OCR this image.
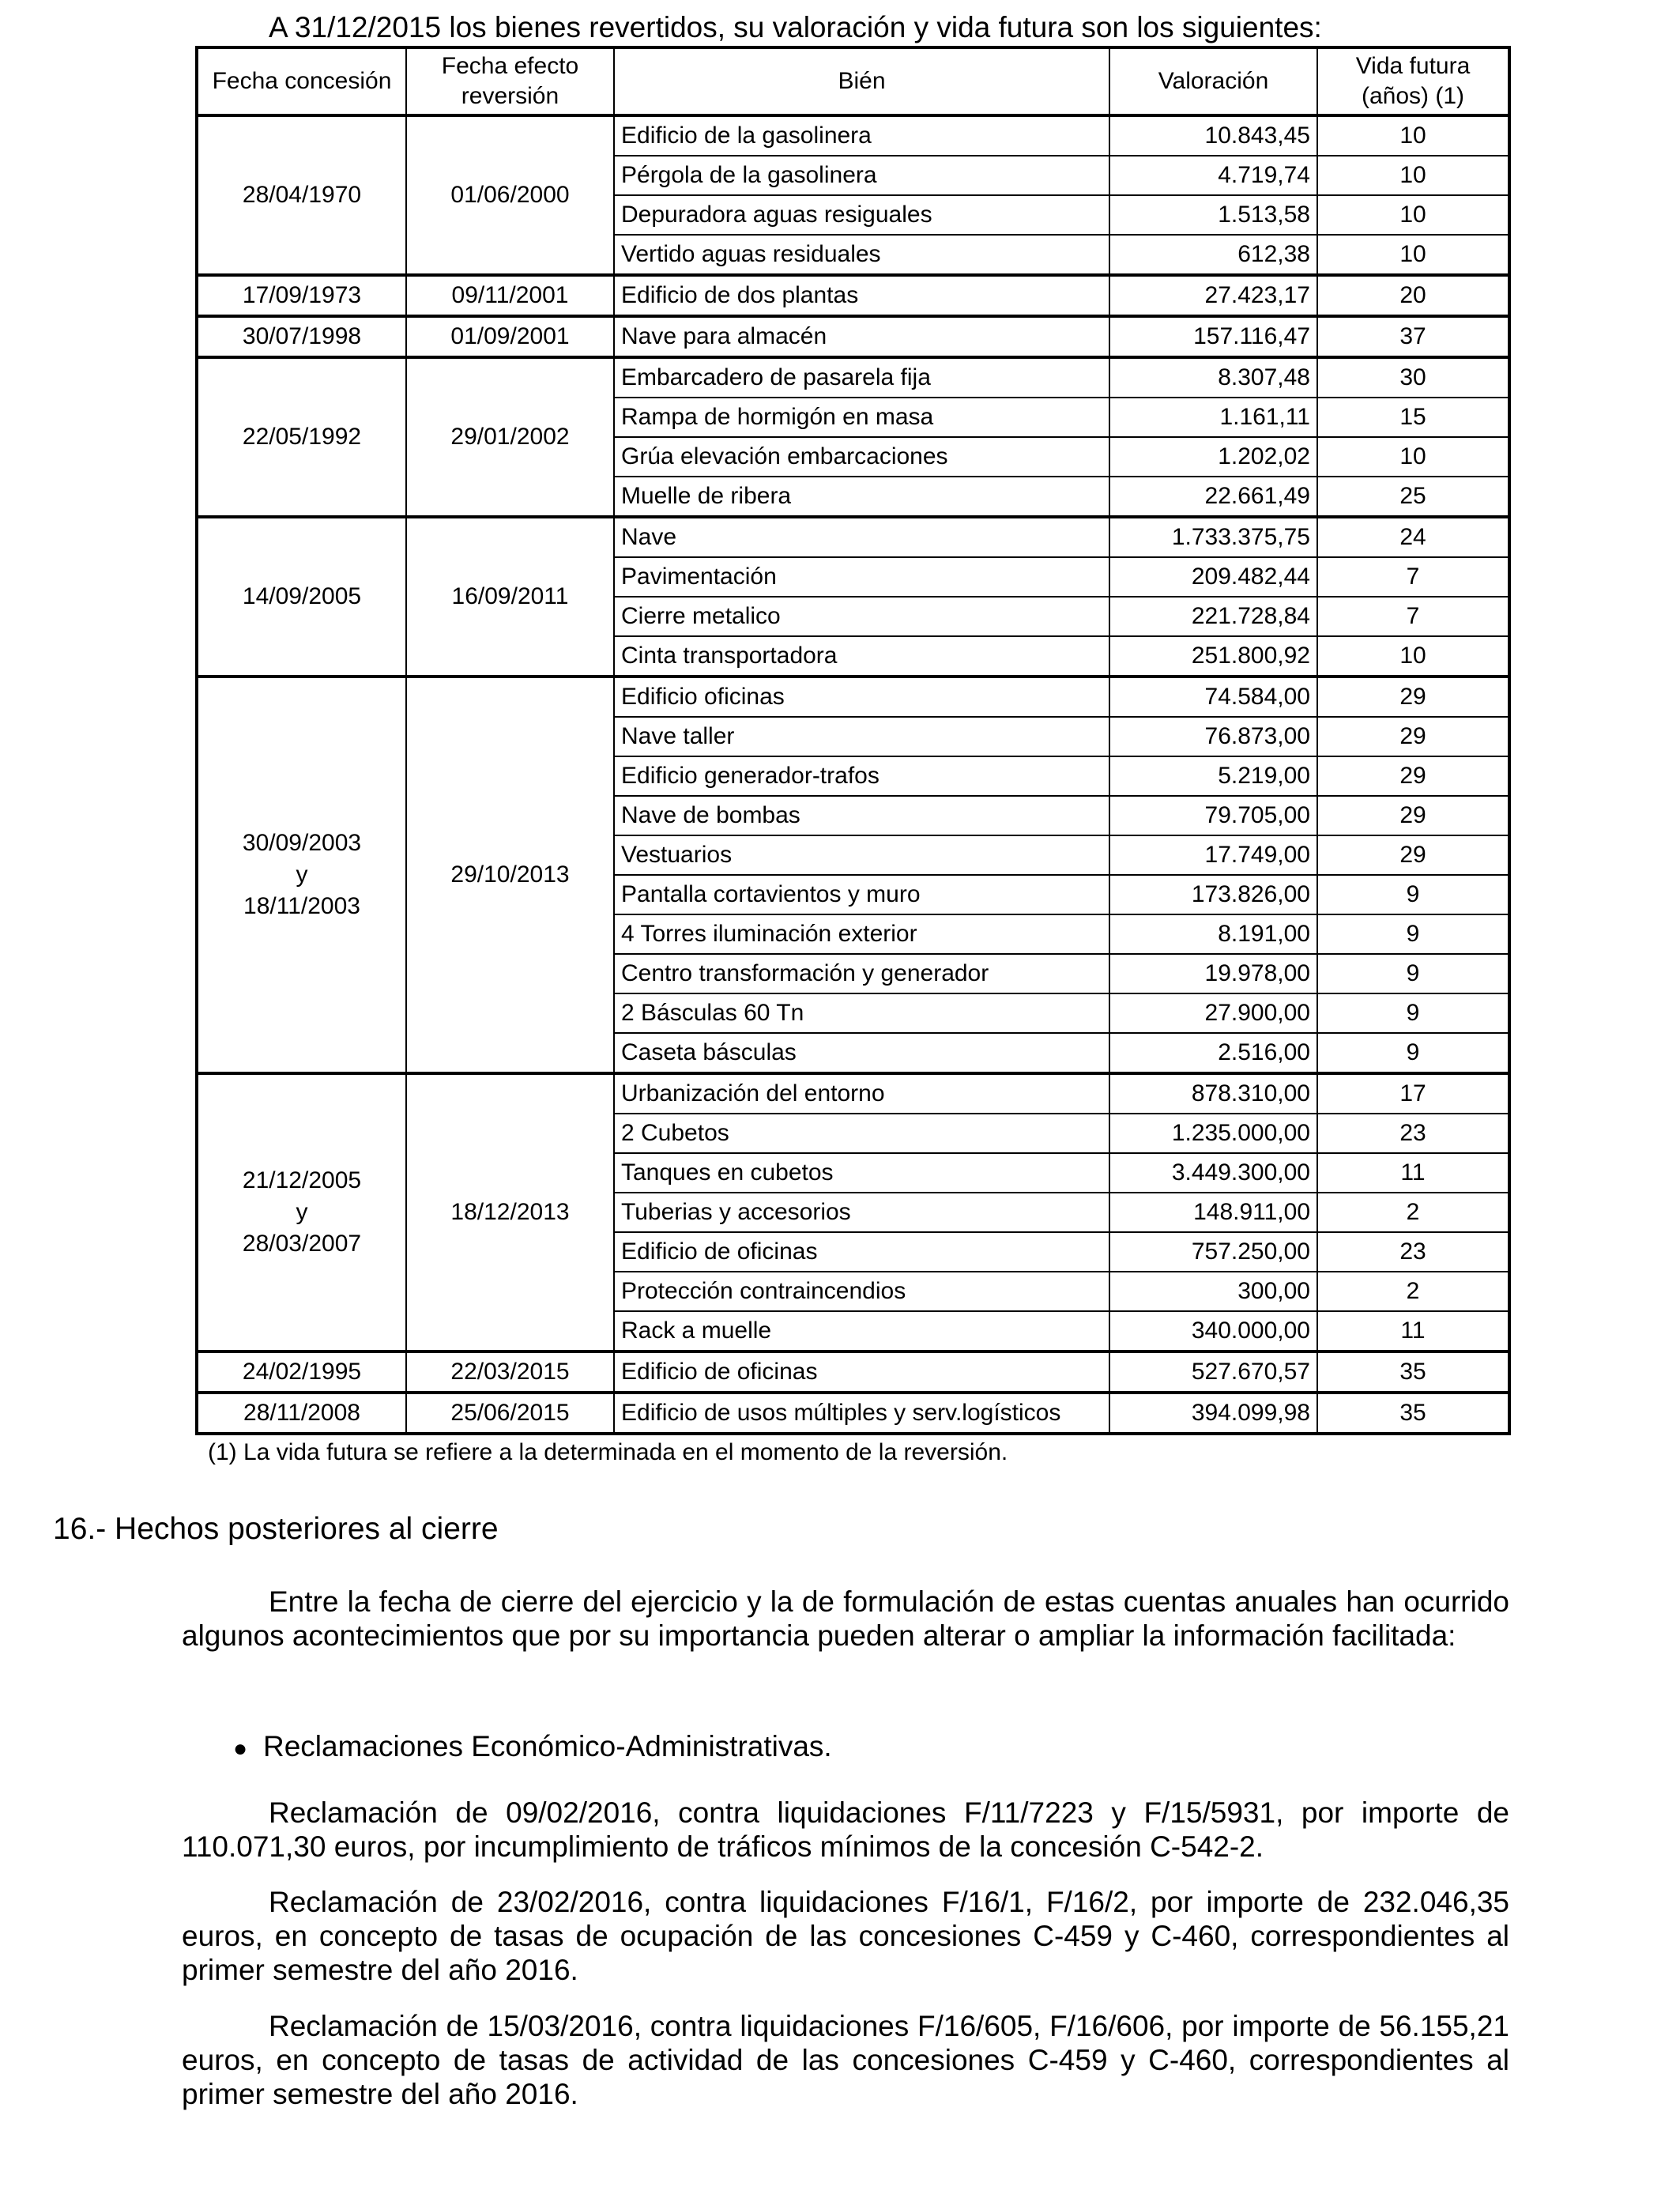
A 31/12/2015 los bienes revertidos, su valoración y vida futura son los siguientes:
Fecha concesión	Fecha efecto reversión	Bién	Valoración	Vida futura (años) (1)

28/04/1970	01/06/2000	Edificio de la gasolinera	10.843,45	10
		Pérgola de la gasolinera	4.719,74	10
		Depuradora aguas resiguales	1.513,58	10
		Vertido aguas residuales	612,38	10

17/09/1973	09/11/2001	Edificio de dos plantas	27.423,17	20

30/07/1998	01/09/2001	Nave para almacén	157.116,47	37

22/05/1992	29/01/2002	Embarcadero de pasarela fija	8.307,48	30
		Rampa de hormigón en masa	1.161,11	15
		Grúa elevación embarcaciones	1.202,02	10
		Muelle de ribera	22.661,49	25

14/09/2005	16/09/2011	Nave	1.733.375,75	24
		Pavimentación	209.482,44	7
		Cierre metalico	221.728,84	7
		Cinta transportadora	251.800,92	10

30/09/2003
y
18/11/2003	29/10/2013	Edificio oficinas	74.584,00	29
		Nave taller	76.873,00	29
		Edificio generador-trafos	5.219,00	29
		Nave de bombas	79.705,00	29
		Vestuarios	17.749,00	29
		Pantalla cortavientos y muro	173.826,00	9
		4 Torres iluminación exterior	8.191,00	9
		Centro transformación y generador	19.978,00	9
		2 Básculas 60 Tn	27.900,00	9
		Caseta básculas	2.516,00	9

21/12/2005
y
28/03/2007	18/12/2013	Urbanización del entorno	878.310,00	17
		2 Cubetos	1.235.000,00	23
		Tanques en cubetos	3.449.300,00	11
		Tuberias y accesorios	148.911,00	2
		Edificio de oficinas	757.250,00	23
		Protección contraincendios	300,00	2
		Rack a muelle	340.000,00	11

24/02/1995	22/03/2015	Edificio de oficinas	527.670,57	35

28/11/2008	25/06/2015	Edificio de usos múltiples y serv.logísticos	394.099,98	35
(1) La vida futura se refiere a la determinada en el momento de la reversión.
16.- Hechos posteriores al cierre
Entre la fecha de cierre del ejercicio y la de formulación de estas cuentas anuales han ocurrido algunos acontecimientos que por su importancia pueden alterar o ampliar la información facilitada:
● Reclamaciones Económico-Administrativas.
Reclamación de 09/02/2016, contra liquidaciones F/11/7223 y F/15/5931, por importe de 110.071,30 euros, por incumplimiento de tráficos mínimos de la concesión C-542-2.
Reclamación de 23/02/2016, contra liquidaciones F/16/1, F/16/2, por importe de 232.046,35 euros, en concepto de tasas de ocupación de las concesiones C-459 y C-460, correspondientes al primer semestre del año 2016.
Reclamación de 15/03/2016, contra liquidaciones F/16/605, F/16/606, por importe de 56.155,21 euros, en concepto de tasas de actividad de las concesiones C-459 y C-460, correspondientes al primer semestre del año 2016.
